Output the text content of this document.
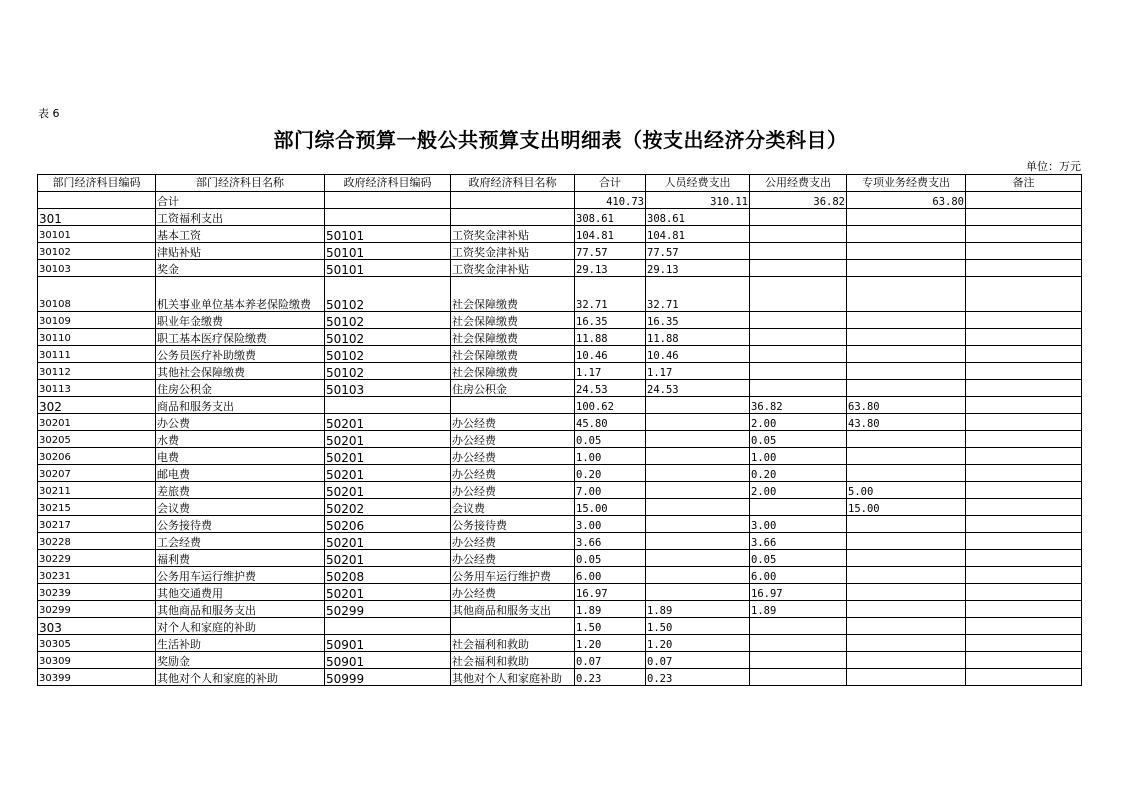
表 6
部门综合预算一般公共预算支出明细表（按支出经济分类科目）
单位：万元
部门经济科目编码	部门经济科目名称	政府经济科目编码	政府经济科目名称	合计	人员经费支出	公用经费支出	专项业务经费支出	备注
	合计			410.73	310.11	36.82	63.80	
301	工资福利支出			308.61	308.61			
30101	基本工资	50101	工资奖金津补贴	104.81	104.81			
30102	津贴补贴	50101	工资奖金津补贴	77.57	77.57			
30103	奖金	50101	工资奖金津补贴	29.13	29.13			
30108	机关事业单位基本养老保险缴费	50102	社会保障缴费	32.71	32.71			
30109	职业年金缴费	50102	社会保障缴费	16.35	16.35			
30110	职工基本医疗保险缴费	50102	社会保障缴费	11.88	11.88			
30111	公务员医疗补助缴费	50102	社会保障缴费	10.46	10.46			
30112	其他社会保障缴费	50102	社会保障缴费	1.17	1.17			
30113	住房公积金	50103	住房公积金	24.53	24.53			
302	商品和服务支出			100.62		36.82	63.80	
30201	办公费	50201	办公经费	45.80		2.00	43.80	
30205	水费	50201	办公经费	0.05		0.05		
30206	电费	50201	办公经费	1.00		1.00		
30207	邮电费	50201	办公经费	0.20		0.20		
30211	差旅费	50201	办公经费	7.00		2.00	5.00	
30215	会议费	50202	会议费	15.00			15.00	
30217	公务接待费	50206	公务接待费	3.00		3.00		
30228	工会经费	50201	办公经费	3.66		3.66		
30229	福利费	50201	办公经费	0.05		0.05		
30231	公务用车运行维护费	50208	公务用车运行维护费	6.00		6.00		
30239	其他交通费用	50201	办公经费	16.97		16.97		
30299	其他商品和服务支出	50299	其他商品和服务支出	1.89	1.89	1.89		
303	对个人和家庭的补助			1.50	1.50			
30305	生活补助	50901	社会福利和救助	1.20	1.20			
30309	奖励金	50901	社会福利和救助	0.07	0.07			
30399	其他对个人和家庭的补助	50999	其他对个人和家庭补助	0.23	0.23			
